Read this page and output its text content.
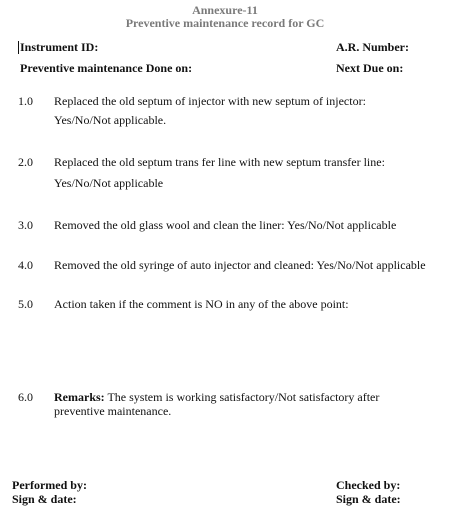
Annexure-11
Preventive maintenance record for GC
Instrument ID:	A.R. Number:
Preventive maintenance Done on:	Next Due on:
1.0 Replaced the old septum of injector with new septum of injector:
Yes/No/Not applicable.
2.0 Replaced the old septum trans fer line with new septum transfer line:
Yes/No/Not applicable
3.0 Removed the old glass wool and clean the liner: Yes/No/Not applicable
4.0 Removed the old syringe of auto injector and cleaned: Yes/No/Not applicable
5.0 Action taken if the comment is NO in any of the above point:
6.0 Remarks: The system is working satisfactory/Not satisfactory after
preventive maintenance.
Performed by:	Checked by:
Sign & date:	Sign & date:
